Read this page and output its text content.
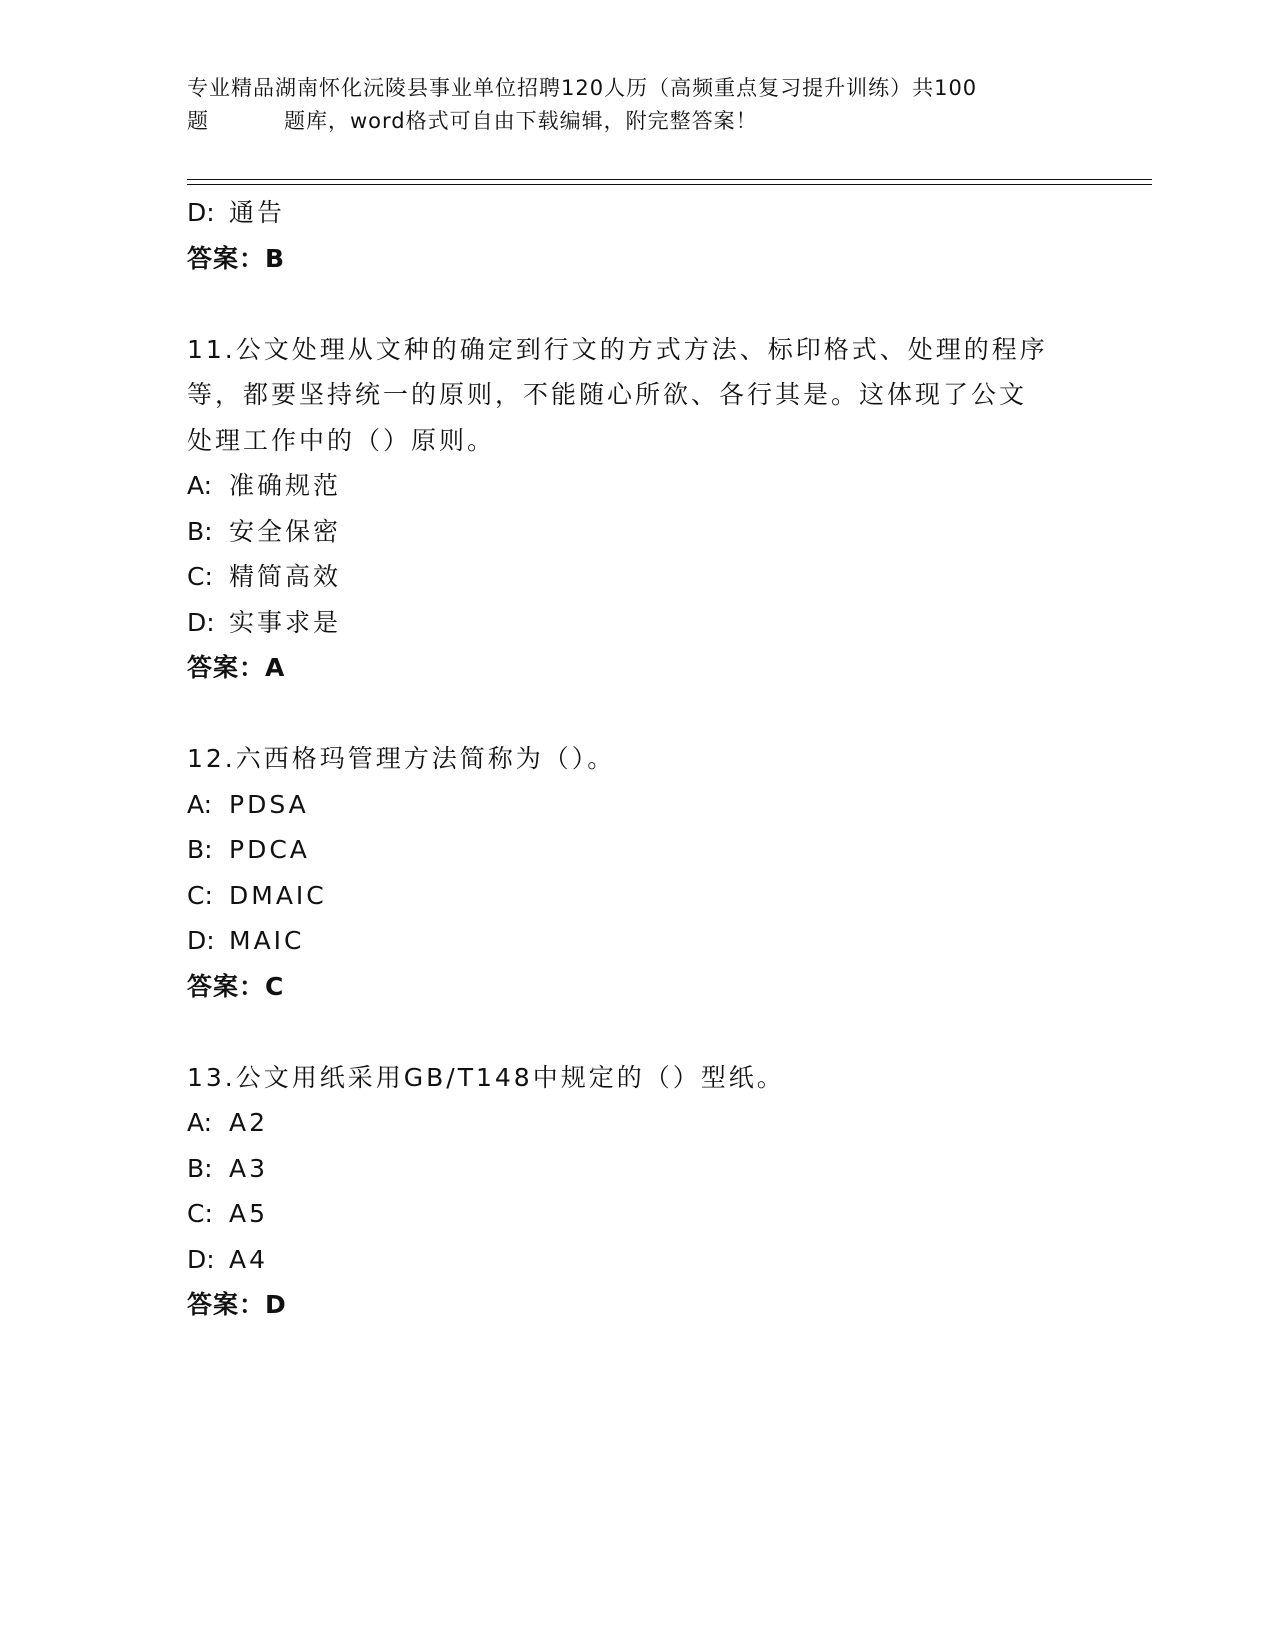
专业精品湖南怀化沅陵县事业单位招聘120人历（高频重点复习提升训练）共100
题	题库，word格式可自由下载编辑，附完整答案！
D: 通告
答案：B
11.公文处理从文种的确定到行文的方式方法、标印格式、处理的程序
等，都要坚持统一的原则，不能随心所欲、各行其是。这体现了公文
处理工作中的（）原则。
A: 准确规范
B: 安全保密
C: 精简高效
D: 实事求是
答案：A
12.六西格玛管理方法简称为（）。
A: PDSA
B: PDCA
C: DMAIC
D: MAIC
答案：C
13.公文用纸采用GB/T148中规定的（）型纸。
A: A2
B: A3
C: A5
D: A4
答案：D
